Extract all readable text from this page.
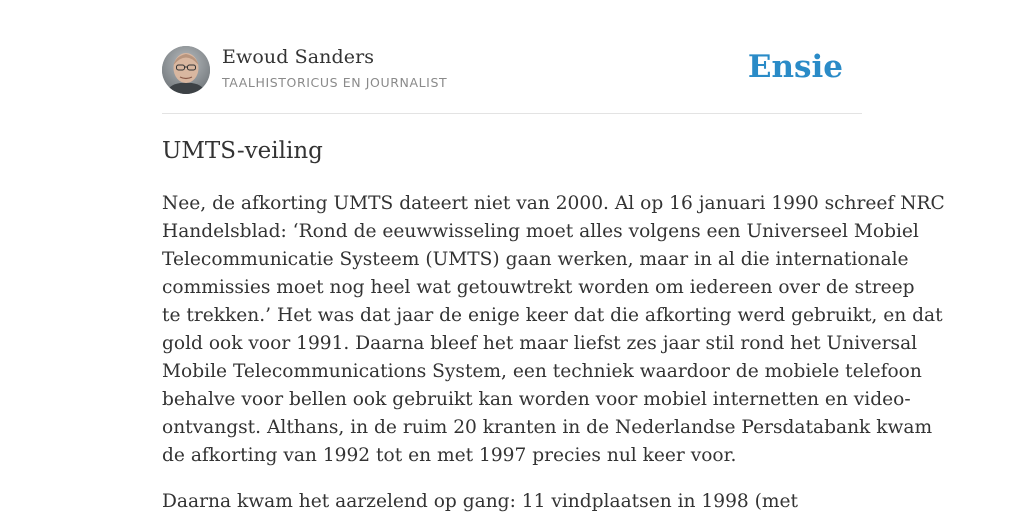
Ewoud Sanders
TAALHISTORICUS EN JOURNALIST	Ensie
UMTS-veiling

Nee, de afkorting UMTS dateert niet van 2000. Al op 16 januari 1990 schreef NRC
Handelsblad: ‘Rond de eeuwwisseling moet alles volgens een Universeel Mobiel
Telecommunicatie Systeem (UMTS) gaan werken, maar in al die internationale
commissies moet nog heel wat getouwtrekt worden om iedereen over de streep
te trekken.’ Het was dat jaar de enige keer dat die afkorting werd gebruikt, en dat
gold ook voor 1991. Daarna bleef het maar liefst zes jaar stil rond het Universal
Mobile Telecommunications System, een techniek waardoor de mobiele telefoon
behalve voor bellen ook gebruikt kan worden voor mobiel internetten en video-
ontvangst. Althans, in de ruim 20 kranten in de Nederlandse Persdatabank kwam
de afkorting van 1992 tot en met 1997 precies nul keer voor.

Daarna kwam het aarzelend op gang: 11 vindplaatsen in 1998 (met
